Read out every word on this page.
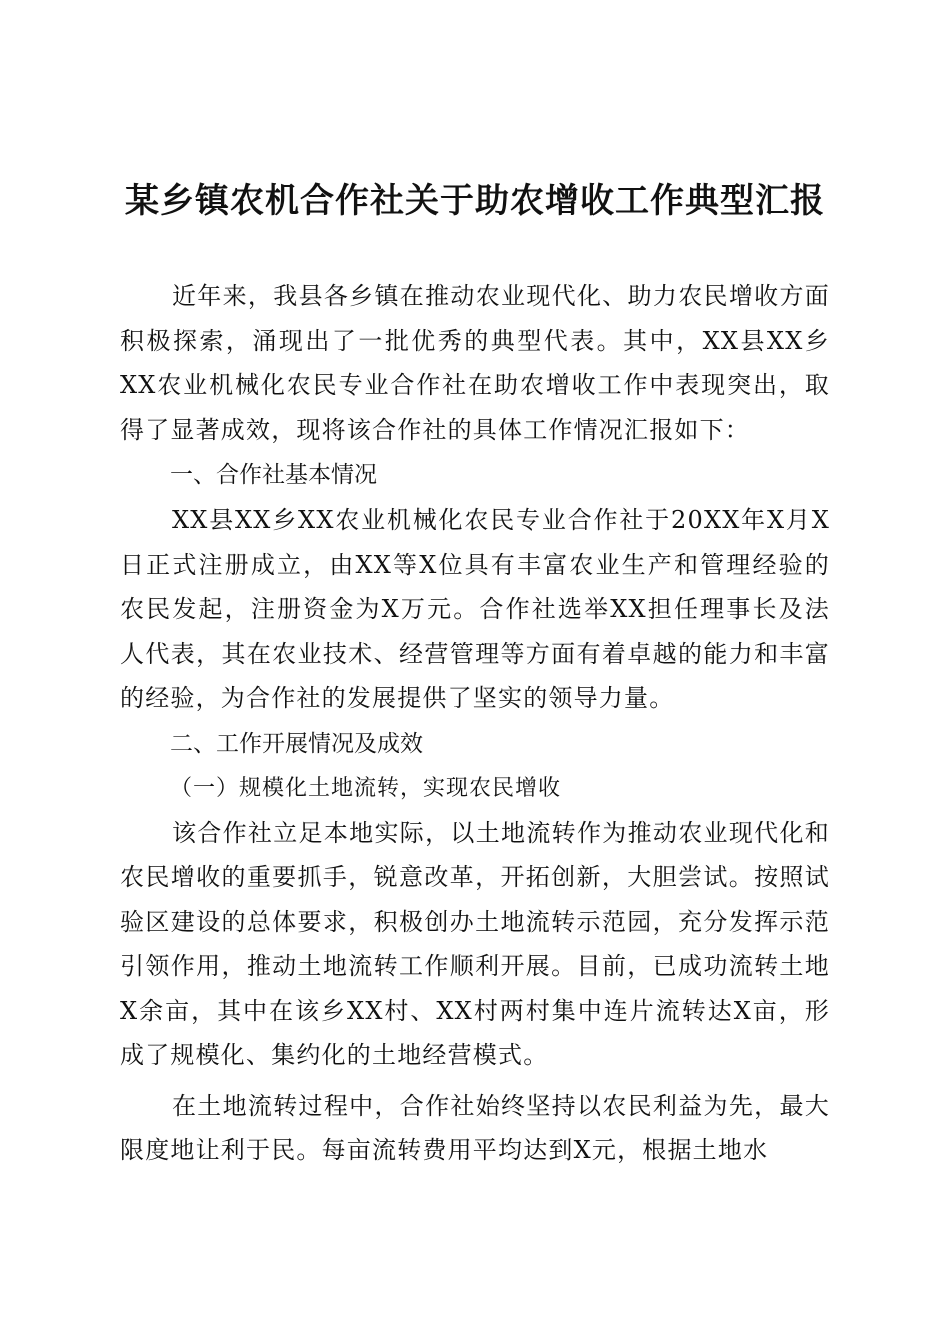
某乡镇农机合作社关于助农增收工作典型汇报

近年来，我县各乡镇在推动农业现代化、助力农民增收方面积极探索，涌现出了一批优秀的典型代表。其中，XX县XX乡XX农业机械化农民专业合作社在助农增收工作中表现突出，取得了显著成效，现将该合作社的具体工作情况汇报如下：

一、合作社基本情况

XX县XX乡XX农业机械化农民专业合作社于20XX年X月X日正式注册成立，由XX等X位具有丰富农业生产和管理经验的农民发起，注册资金为X万元。合作社选举XX担任理事长及法人代表，其在农业技术、经营管理等方面有着卓越的能力和丰富的经验，为合作社的发展提供了坚实的领导力量。

二、工作开展情况及成效

（一）规模化土地流转，实现农民增收

该合作社立足本地实际，以土地流转作为推动农业现代化和农民增收的重要抓手，锐意改革，开拓创新，大胆尝试。按照试验区建设的总体要求，积极创办土地流转示范园，充分发挥示范引领作用，推动土地流转工作顺利开展。目前，已成功流转土地X余亩，其中在该乡XX村、XX村两村集中连片流转达X亩，形成了规模化、集约化的土地经营模式。

在土地流转过程中，合作社始终坚持以农民利益为先，最大限度地让利于民。每亩流转费用平均达到X元，根据土地水
